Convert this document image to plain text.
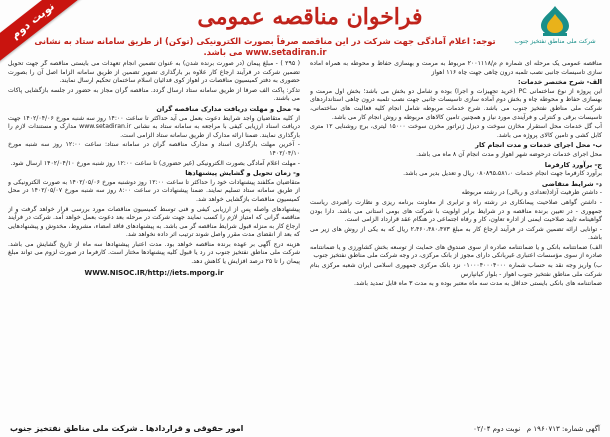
نوبت دوم
شرکت ملی مناطق نفتخیز جنوب
فراخوان مناقصه عمومی
توجه: اعلام آمادگی جهت شرکت در این مناقصه صرفاً بصورت الکترونیکی (توکن) از طریق سامانه ستاد به نشانی www.setadiran.ir می باشد.

مناقصه عمومی یک مرحله ای شماره م م/۲۰۰۱۱۱۸ مربوط به مرمت و بهسازی حفاظ و محوطه به همراه آماده سازی تاسیسات جانبی نصب تلمبه درون چاهی جهت چاه ۱۱۶ اهواز

الف- شرح مختصر خدمات:

این پروژه از نوع ساختمانی PC (خرید تجهیزات و اجرا) بوده و شامل دو بخش می باشد؛ بخش اول مرمت و بهسازی حفاظ و محوطه چاه و بخش دوم آماده سازی تاسیسات جانبی جهت نصب تلمبه درون چاهی استانداردهای شرکت ملی مناطق نفتخیز جنوب می باشد. شرح خدمات مربوطه شامل انجام کلیه فعالیت های ساختمانی، تاسیسات برقی و کنترلی و فرآیندی مورد نیاز و همچنین تامین کالاهای مربوطه و روش انجام کار می باشد.

آب گل خدمات محل استقرار مخازن سوخت و دیزل ژنراتور مخزن سوخت ۱۵۰۰۰ لیتری، برج روشنایی ۱۲ متری کابل کشی و تامین کالای پروژه می باشد.

ب- محل اجرای خدمات و مدت انجام کار

محل اجرای خدمات درحوضه شهر اهواز و مدت انجام آن ۸ ماه می باشد.

ج- برآورد کارفرما

برآورد کارفرما جهت انجام خدمات ۰۸۰۸۹۵،۵۸۱،۰ ریال و تعدیل بدیر می باشد.

د- شرایط متقاضی

- داشتن ظرفیت آزاد(تعدادی و ریالی) در رشته مربوطه

- داشتن گواهی صلاحیت پیمانکاری در رشته راه و ترابری از معاونت برنامه ریزی و نظارت راهبردی ریاست جمهوری - در تعیین برنده مناقصه و در شرایط برابر اولویت با شرکت های بومی استانی می باشد. دارا بودن گواهینامه تایید صلاحیت ایمنی از اداره تعاون، کار و رفاه اجتماعی در هنگام عقد قرارداد الزامی است.

- توانایی ارائه تضمین شرکت در فرآیند ارجاع کار به مبلغ ۲،۴۶۰،۴۸۰،۴۷۳ ریال که به یکی از روش های زیر می باشد.

الف) ضمانتنامه بانکی و یا ضمانتنامه صادره از سوی صندوق های حمایت از توسعه بخش کشاورزی و یا ضمانتنامه صادره از سوی مؤسسات اعتباری غیربانکی دارای مجوز از بانک مرکزی، در وجه شرکت ملی مناطق نفتخیز جنوب

ب) واریز وجه نقد به حساب شماره ۰۱۰۰۰۴۰۰۰۴۰۰۰ نزد بانک مرکزی جمهوری اسلامی ایران شعبه مرکزی بنام شرکت ملی مناطق نفتخیز جنوب اهواز - بلوار کیانپارس

ضمانتنامه های بانکی بایستی حداقل به مدت سه ماه معتبر بوده و به مدت ۳ ماه قابل تمدید باشد.

( ۲۹۵ ) - مبلغ پیمان (در صورت برنده شدن) به عنوان تضمین انجام تعهدات می بایستی مناقصه گر جهت تحویل تضمین شرکت در فرآیند ارجاع کار علاوه بر بارگذاری تصویر تضمین از طریق سامانه الزاما اصل آن را بصورت حضوری به دفتر کمیسیون مناقصات در اهواز کوی فدائیان اسلام ساختمان تحکیم ارسال نمایند.

تذکر: پاکت الف صرفا از طریق سامانه ستاد ارسال گردد. مناقصه گران مجاز به حضور در جلسه بازگشایی پاکات می باشند.

ه- محل و مهلت دریافت مدارک مناقصه گران

از کلیه متقاضیان واجد شرایط دعوت بعمل می آید حداکثر تا ساعت ۱۴:۰۰ روز سه شنبه مورخ ۱۴۰۲/۰۴/۰۶ جهت دریافت اسناد ارزیابی کیفی با مراجعه به سامانه ستاد به نشانی www.setadiran.ir مدارک و مستندات لازم را بارگذاری نمایند. ضمنا ارائه مدارک از طریق سامانه ستاد الزامی است.

- آخرین مهلت بارگذاری اسناد و مدارک مناقصه گران در سامانه ستاد: ساعت ۱۲:۰۰ روز سه شنبه مورخ ۱۴۰۲/۰۴/۱۰

- مهلت اعلام آمادگی بصورت الکترونیکی (غیر حضوری) تا ساعت ۱۲:۰۰ روز شنبه مورخ ۱۴۰۲/۰۴/۱۰ ارسال شود.

و- زمان تحویل و گشایش پیشنهادها

متقاضیان مکلفند پیشنهادات خود را حداکثر تا ساعت ۱۲:۰۰ روز دوشنبه مورخ ۱۴۰۲/۰۵/۰۶ به صورت الکترونیکی و از طریق سامانه ستاد تسلیم نمایند. ضمنا پیشنهادات در ساعت ۸:۰۰ روز سه شنبه مورخ ۱۴۰۲/۰۵/۰۷ در محل کمیسیون مناقصات بازگشایی خواهد شد.

پیشنهادهای واصله پس از ارزیابی کیفی و فنی توسط کمیسیون مناقصات مورد بررسی قرار خواهد گرفت و از مناقصه گرانی که امتیاز لازم را کسب نمایند جهت شرکت در مرحله بعد دعوت بعمل خواهد آمد. شرکت در فرآیند ارجاع کار به منزله قبول شرایط مناقصه گر می باشد. به پیشنهادهای فاقد امضاء، مشروط، مخدوش و پیشنهادهایی که بعد از انقضای مدت مقرر واصل شوند ترتیب اثر داده نخواهد شد.

هزینه درج آگهی بر عهده برنده مناقصه خواهد بود. مدت اعتبار پیشنهادها سه ماه از تاریخ گشایش می باشد. شرکت ملی مناطق نفتخیز جنوب در رد یا قبول کلیه پیشنهادها مختار است. کارفرما در صورت لزوم می تواند مبلغ پیمان را تا ۲۵ درصد افزایش یا کاهش دهد.

WWW.NISOC.IR/http://iets.mporg.ir
امور حقوقی و قراردادها ـ شرکت ملی مناطق نفتخیز جنوب	آگهی شماره: ۱۹۶۰۷۱۳ م   نوبت دوم ۰۲/۰۴
